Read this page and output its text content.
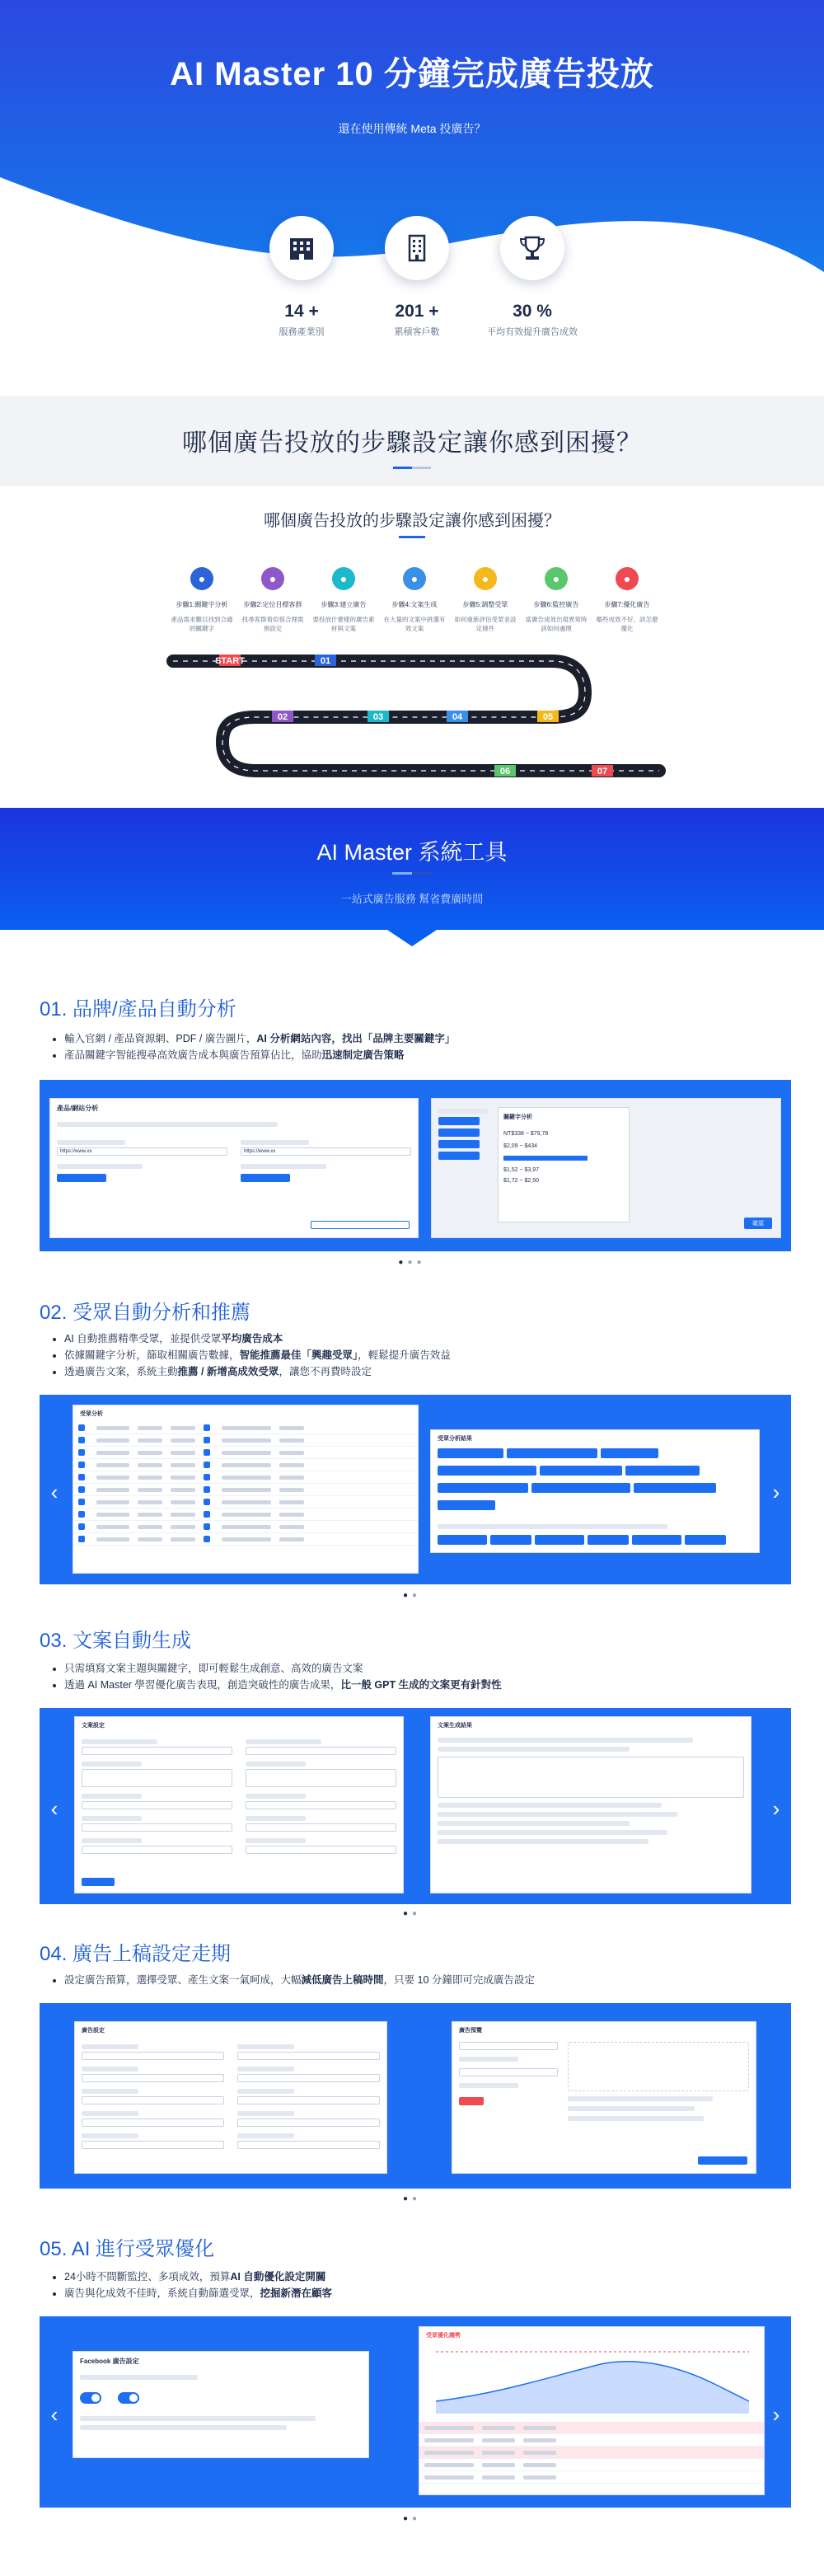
AI Master 10 分鐘完成廣告投放
還在使用傳統 Meta 投廣告？
14 +
服務產業別
201 +
累積客戶數
30 %
平均有效提升廣告成效
哪個廣告投放的步驟設定讓你感到困擾？
哪個廣告投放的步驟設定讓你感到困擾？
●
步驟1:關鍵字分析
產品需求難以找到合適的關鍵字
●
步驟2:定位目標客群
找尋客群看似很合理需預設定
●
步驟3:建立廣告
要投放什麼樣的廣告素材與文案
●
步驟4:文案生成
在大量的文案中挑選有效文案
●
步驟5:調整受眾
如何重新評估受眾並設定條件
●
步驟6:監控廣告
當廣告成效出現異常時該如何處理
●
步驟7:優化廣告
哪些成效不好，該怎麼優化
START	01
02	03	04	05
06	07
AI Master 系統工具
一站式廣告服務 幫省費廣時間
01. 品牌/產品自動分析
• 輸入官網 / 產品資源網、PDF / 廣告圖片，AI 分析網站內容，找出「品牌主要關鍵字」
• 產品關鍵字智能搜尋高效廣告成本與廣告預算佔比，協助迅速制定廣告策略
產品/網站分析
https://www.xx	https://www.xx
關鍵字分析
NT$338 ~ $79,78
$2,09 ~ $434
$1,52 ~ $3,97
$1,72 ~ $2,50
確認
●●●
02. 受眾自動分析和推薦
• AI 自動推薦精準受眾，並提供受眾平均廣告成本
• 依據關鍵字分析，篩取相關廣告數據，智能推薦最佳「興趣受眾」，輕鬆提升廣告效益
• 透過廣告文案，系統主動推薦 / 新增高成效受眾，讓您不再費時設定
‹
受眾分析
受眾分析結果

›
●●
03. 文案自動生成
• 只需填寫文案主題與關鍵字，即可輕鬆生成創意、高效的廣告文案
• 透過 AI Master 學習優化廣告表現，創造突破性的廣告成果，比一般 GPT 生成的文案更有針對性
‹
文案設定	文案生成結果
›
●●
04. 廣告上稿設定走期
• 設定廣告預算，選擇受眾、產生文案一氣呵成，大幅減低廣告上稿時間，只要 10 分鐘即可完成廣告設定
廣告設定	廣告預覽
●●
05. AI 進行受眾優化
• 24小時不間斷監控、多項成效，預算AI 自動優化設定開關
• 廣告與化成效不佳時，系統自動篩選受眾，挖掘新潛在顧客
‹
Facebook 廣告設定
受眾優化趨勢
›
●●
